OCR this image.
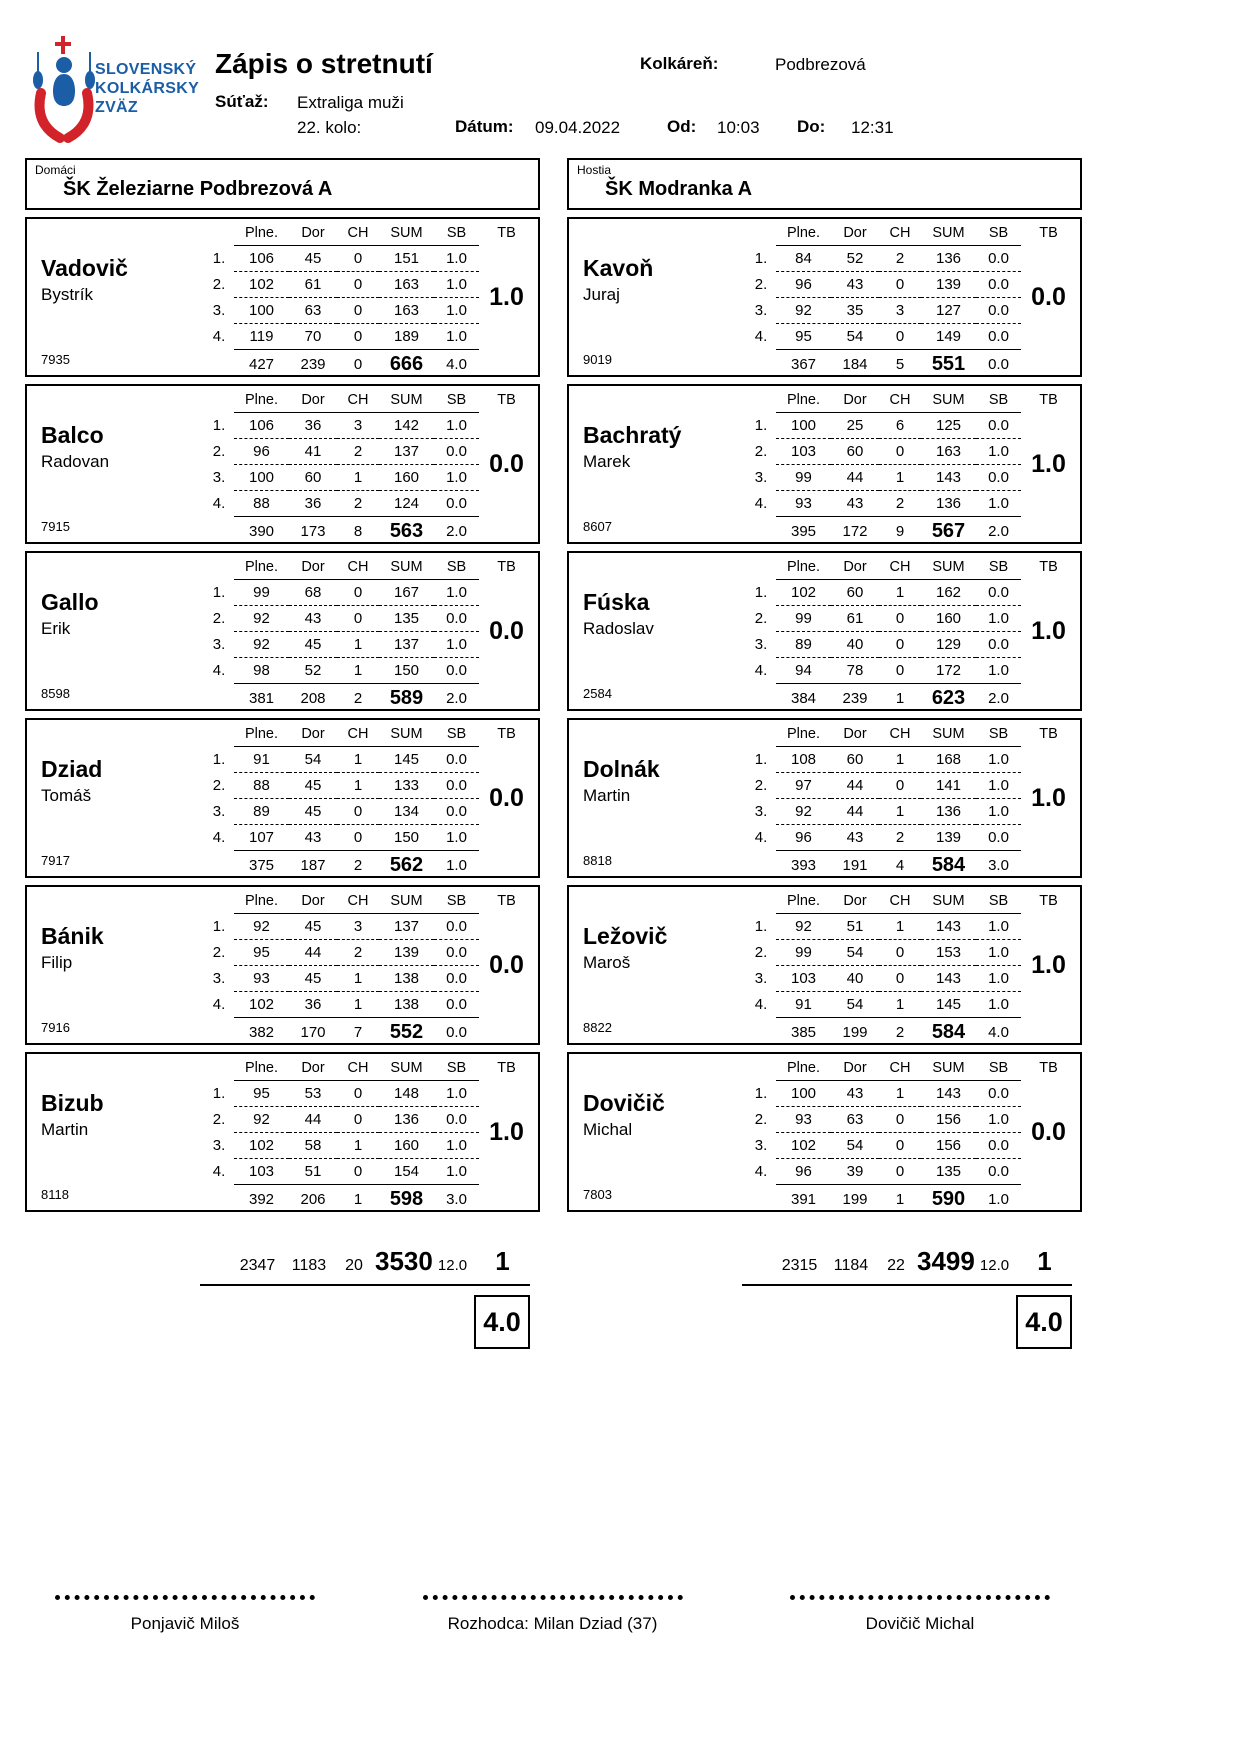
SLOVENSKÝ
KOLKÁRSKY
ZVÄZ
Zápis o stretnutí	Kolkáreň:	Podbrezová
Súťaž: Extraliga muži
22. kolo:	Dátum: 09.04.2022	Od: 10:03 Do: 12:31
Domáci
ŠK Železiarne Podbrezová A
Vadovič
Bystrík
7935
	Plne.	Dor	CH	SUM	SB	TB
1.	106	45	0	151	1.0	1.0
2.	102	61	0	163	1.0	
3.	100	63	0	163	1.0	
4.	119	70	0	189	1.0	
	427	239	0	666	4.0	
Balco
Radovan
7915
	Plne.	Dor	CH	SUM	SB	TB
1.	106	36	3	142	1.0	0.0
2.	96	41	2	137	0.0	
3.	100	60	1	160	1.0	
4.	88	36	2	124	0.0	
	390	173	8	563	2.0	
Gallo
Erik
8598
	Plne.	Dor	CH	SUM	SB	TB
1.	99	68	0	167	1.0	0.0
2.	92	43	0	135	0.0	
3.	92	45	1	137	1.0	
4.	98	52	1	150	0.0	
	381	208	2	589	2.0	
Dziad
Tomáš
7917
	Plne.	Dor	CH	SUM	SB	TB
1.	91	54	1	145	0.0	0.0
2.	88	45	1	133	0.0	
3.	89	45	0	134	0.0	
4.	107	43	0	150	1.0	
	375	187	2	562	1.0	
Bánik
Filip
7916
	Plne.	Dor	CH	SUM	SB	TB
1.	92	45	3	137	0.0	0.0
2.	95	44	2	139	0.0	
3.	93	45	1	138	0.0	
4.	102	36	1	138	0.0	
	382	170	7	552	0.0	
Bizub
Martin
8118
	Plne.	Dor	CH	SUM	SB	TB
1.	95	53	0	148	1.0	1.0
2.	92	44	0	136	0.0	
3.	102	58	1	160	1.0	
4.	103	51	0	154	1.0	
	392	206	1	598	3.0	
2347	1183	20 3530 12.0	1
4.0
Hostia
ŠK Modranka A
Kavoň
Juraj
9019
	Plne.	Dor	CH	SUM	SB	TB
1.	84	52	2	136	0.0	0.0
2.	96	43	0	139	0.0	
3.	92	35	3	127	0.0	
4.	95	54	0	149	0.0	
	367	184	5	551	0.0	
Bachratý
Marek
8607
	Plne.	Dor	CH	SUM	SB	TB
1.	100	25	6	125	0.0	1.0
2.	103	60	0	163	1.0	
3.	99	44	1	143	0.0	
4.	93	43	2	136	1.0	
	395	172	9	567	2.0	
Fúska
Radoslav
2584
	Plne.	Dor	CH	SUM	SB	TB
1.	102	60	1	162	0.0	1.0
2.	99	61	0	160	1.0	
3.	89	40	0	129	0.0	
4.	94	78	0	172	1.0	
	384	239	1	623	2.0	
Dolnák
Martin
8818
	Plne.	Dor	CH	SUM	SB	TB
1.	108	60	1	168	1.0	1.0
2.	97	44	0	141	1.0	
3.	92	44	1	136	1.0	
4.	96	43	2	139	0.0	
	393	191	4	584	3.0	
Ležovič
Maroš
8822
	Plne.	Dor	CH	SUM	SB	TB
1.	92	51	1	143	1.0	1.0
2.	99	54	0	153	1.0	
3.	103	40	0	143	1.0	
4.	91	54	1	145	1.0	
	385	199	2	584	4.0	
Dovičič
Michal
7803
	Plne.	Dor	CH	SUM	SB	TB
1.	100	43	1	143	0.0	0.0
2.	93	63	0	156	1.0	
3.	102	54	0	156	0.0	
4.	96	39	0	135	0.0	
	391	199	1	590	1.0	
2315	1184	22 3499 12.0	1
4.0
Ponjavič Miloš	Rozhodca: Milan Dziad (37)	Dovičič Michal
